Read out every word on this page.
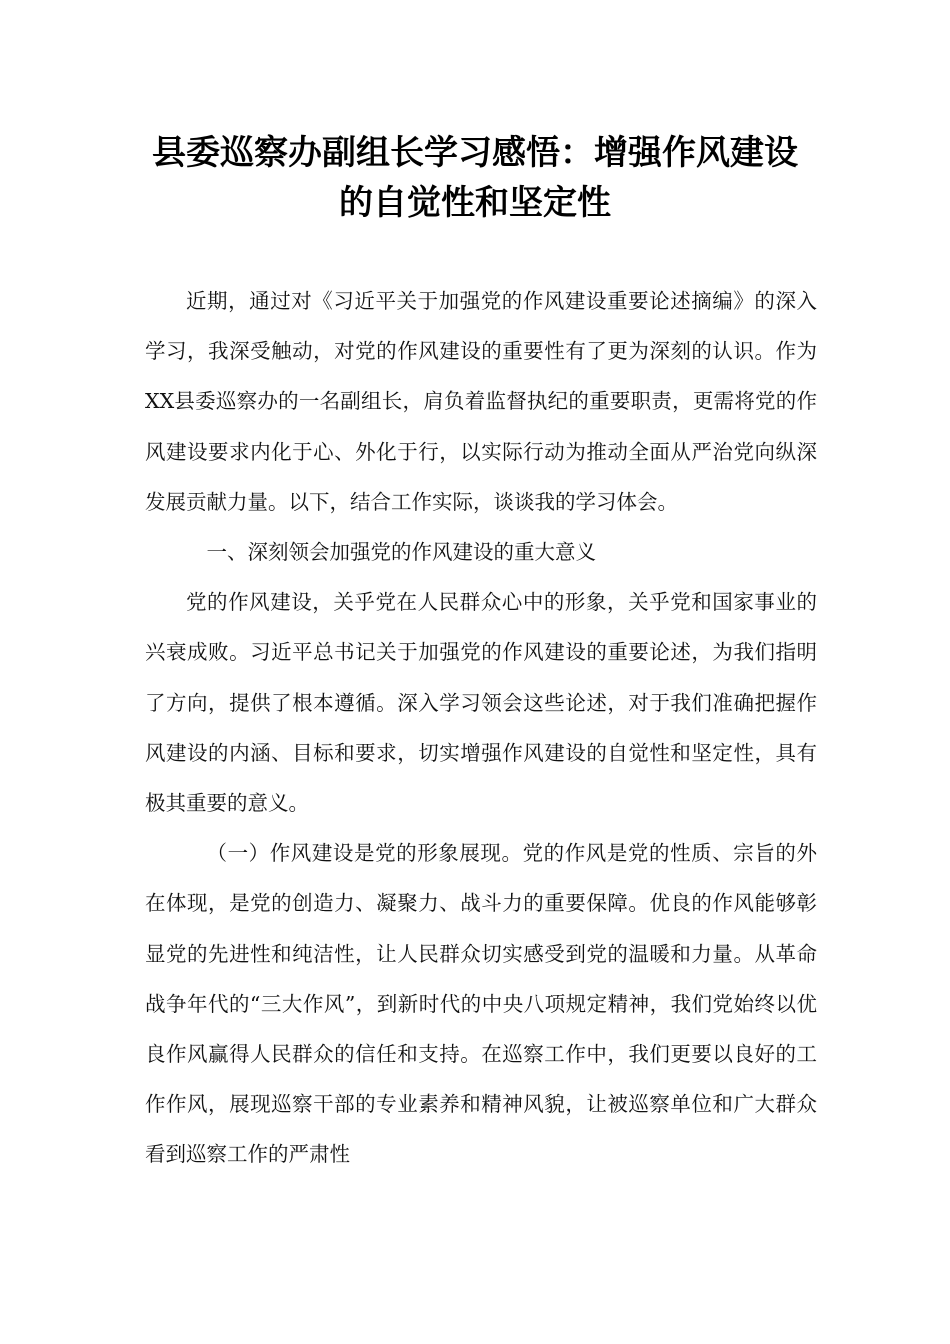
县委巡察办副组长学习感悟：增强作风建设的自觉性和坚定性

近期，通过对《习近平关于加强党的作风建设重要论述摘编》的深入学习，我深受触动，对党的作风建设的重要性有了更为深刻的认识。作为XX县委巡察办的一名副组长，肩负着监督执纪的重要职责，更需将党的作风建设要求内化于心、外化于行，以实际行动为推动全面从严治党向纵深发展贡献力量。以下，结合工作实际，谈谈我的学习体会。

一、深刻领会加强党的作风建设的重大意义

党的作风建设，关乎党在人民群众心中的形象，关乎党和国家事业的兴衰成败。习近平总书记关于加强党的作风建设的重要论述，为我们指明了方向，提供了根本遵循。深入学习领会这些论述，对于我们准确把握作风建设的内涵、目标和要求，切实增强作风建设的自觉性和坚定性，具有极其重要的意义。

（一）作风建设是党的形象展现。党的作风是党的性质、宗旨的外在体现，是党的创造力、凝聚力、战斗力的重要保障。优良的作风能够彰显党的先进性和纯洁性，让人民群众切实感受到党的温暖和力量。从革命战争年代的“三大作风”，到新时代的中央八项规定精神，我们党始终以优良作风赢得人民群众的信任和支持。在巡察工作中，我们更要以良好的工作作风，展现巡察干部的专业素养和精神风貌，让被巡察单位和广大群众看到巡察工作的严肃性
